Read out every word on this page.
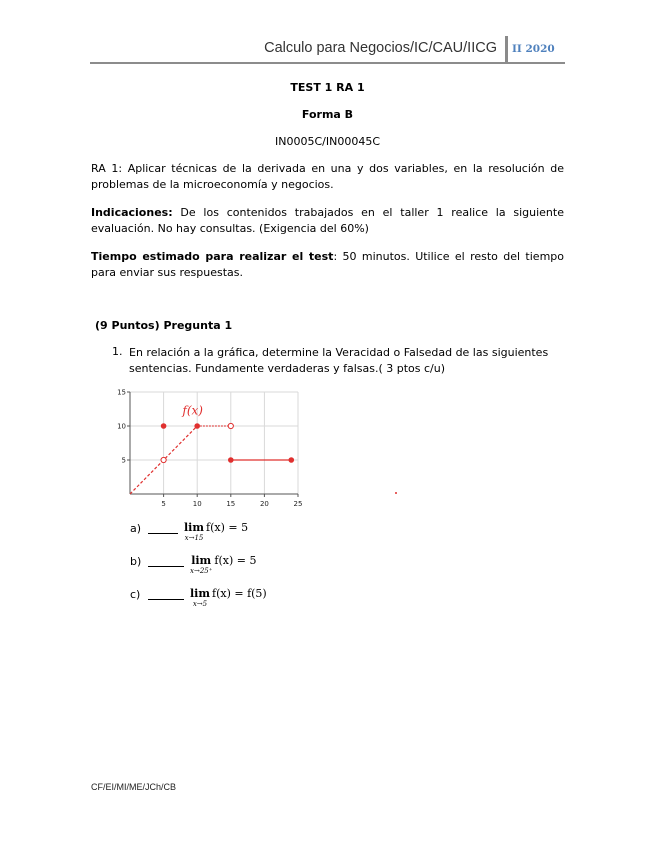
Calculo para Negocios/IC/CAU/IICG II 2020
TEST 1 RA 1
Forma B
IN0005C/IN00045C
RA 1: Aplicar técnicas de la derivada en una y dos variables, en la resolución de problemas de la microeconomía y negocios.
Indicaciones: De los contenidos trabajados en el taller 1 realice la siguiente evaluación. No hay consultas. (Exigencia del 60%)
Tiempo estimado para realizar el test: 50 minutos. Utilice el resto del tiempo para enviar sus respuestas.
(9 Puntos) Pregunta 1
1. En relación a la gráfica, determine la Veracidad o Falsedad de las siguientes sentencias. Fundamente verdaderas y falsas.( 3 ptos c/u)
5	10	15	20	25
5
10
15
f(x)
a)	lim
x→15
f(x) = 5
b)	lim
x→25⁺
f(x) = 5
c)	lim
x→5
f(x) = f(5)
CF/EI/MI/ME/JCh/CB
